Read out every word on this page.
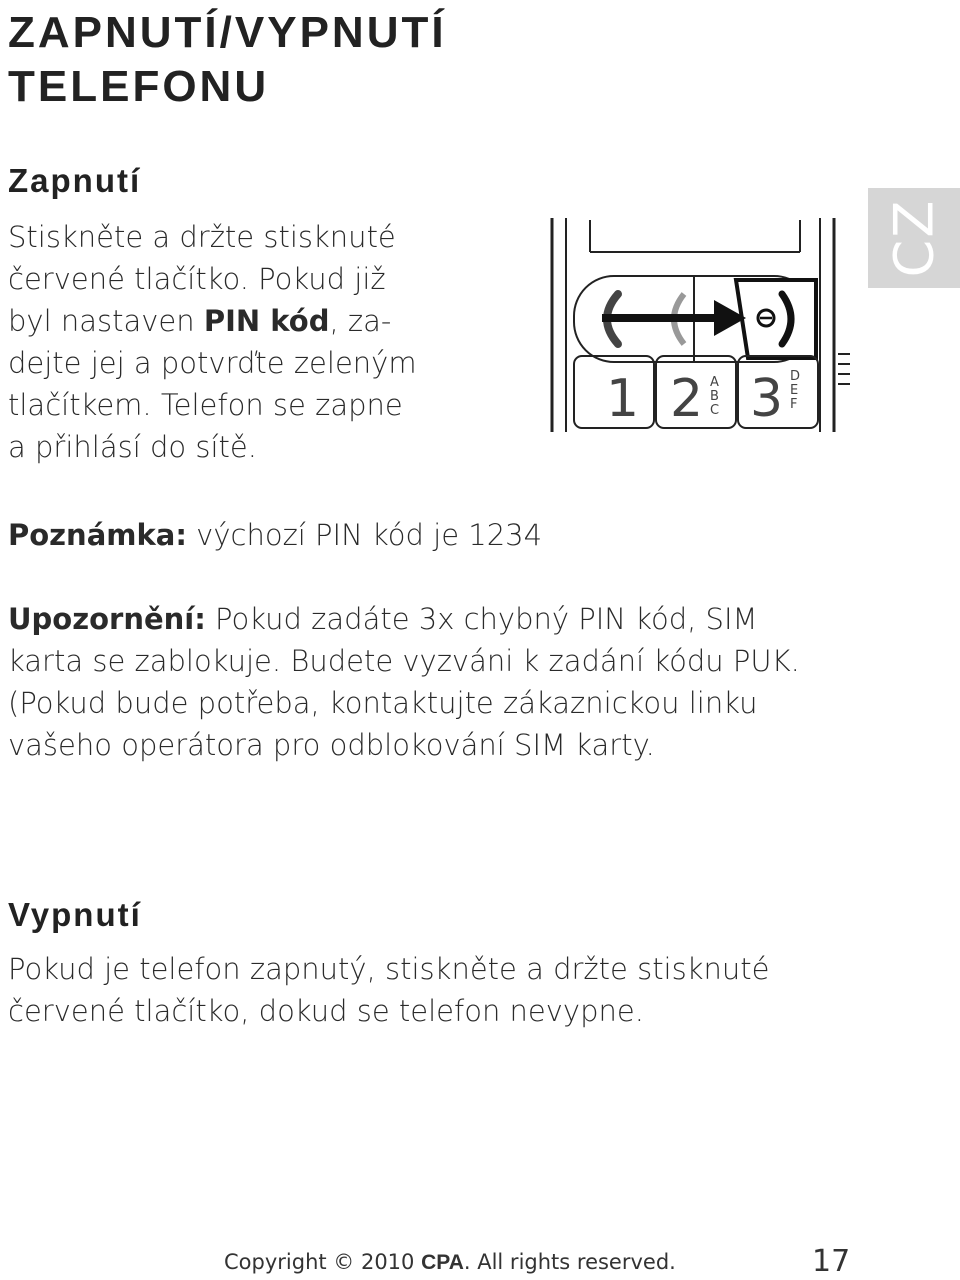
ZAPNUTÍ/VYPNUTÍ
TELEFONU
CZ
Zapnutí
Stiskněte a držte stisknuté
červené tlačítko. Pokud již
byl nastaven PIN kód, za-
dejte jej a potvrďte zeleným
tlačítkem. Telefon se zapne
a přihlásí do sítě.
1 2 A
B
C 3 D
E
F

Poznámka: výchozí PIN kód je 1234

Upozornění: Pokud zadáte 3x chybný PIN kód, SIM
karta se zablokuje. Budete vyzváni k zadání kódu PUK.
(Pokud bude potřeba, kontaktujte zákaznickou linku
vašeho operátora pro odblokování SIM karty.
Vypnutí
Pokud je telefon zapnutý, stiskněte a držte stisknuté
červené tlačítko, dokud se telefon nevypne.
Copyright © 2010 CPA. All rights reserved.	17
